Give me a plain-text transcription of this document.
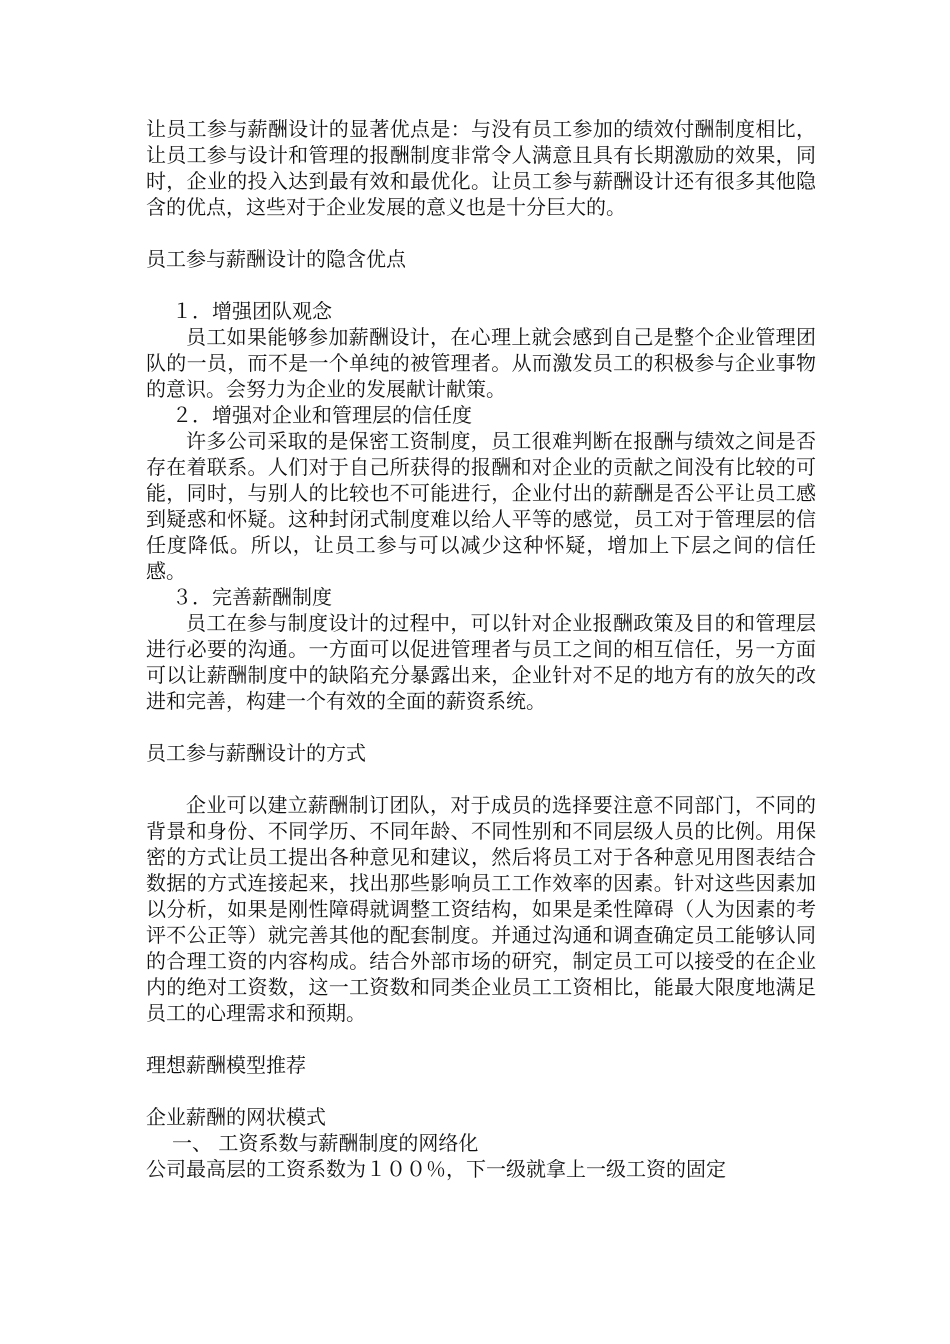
让员工参与薪酬设计的显著优点是：与没有员工参加的绩效付酬制度相比，让员工参与设计和管理的报酬制度非常令人满意且具有长期激励的效果，同时，企业的投入达到最有效和最优化。让员工参与薪酬设计还有很多其他隐含的优点，这些对于企业发展的意义也是十分巨大的。

员工参与薪酬设计的隐含优点

１．增强团队观念

员工如果能够参加薪酬设计，在心理上就会感到自己是整个企业管理团队的一员，而不是一个单纯的被管理者。从而激发员工的积极参与企业事物的意识。会努力为企业的发展献计献策。

２．增强对企业和管理层的信任度

许多公司采取的是保密工资制度，员工很难判断在报酬与绩效之间是否存在着联系。人们对于自己所获得的报酬和对企业的贡献之间没有比较的可能，同时，与别人的比较也不可能进行，企业付出的薪酬是否公平让员工感到疑惑和怀疑。这种封闭式制度难以给人平等的感觉，员工对于管理层的信任度降低。所以，让员工参与可以减少这种怀疑，增加上下层之间的信任感。

３．完善薪酬制度

员工在参与制度设计的过程中，可以针对企业报酬政策及目的和管理层进行必要的沟通。一方面可以促进管理者与员工之间的相互信任，另一方面可以让薪酬制度中的缺陷充分暴露出来，企业针对不足的地方有的放矢的改进和完善，构建一个有效的全面的薪资系统。

员工参与薪酬设计的方式

企业可以建立薪酬制订团队，对于成员的选择要注意不同部门，不同的背景和身份、不同学历、不同年龄、不同性别和不同层级人员的比例。用保密的方式让员工提出各种意见和建议，然后将员工对于各种意见用图表结合数据的方式连接起来，找出那些影响员工工作效率的因素。针对这些因素加以分析，如果是刚性障碍就调整工资结构，如果是柔性障碍（人为因素的考评不公正等）就完善其他的配套制度。并通过沟通和调查确定员工能够认同的合理工资的内容构成。结合外部市场的研究，制定员工可以接受的在企业内的绝对工资数，这一工资数和同类企业员工工资相比，能最大限度地满足员工的心理需求和预期。

理想薪酬模型推荐

企业薪酬的网状模式

一、 工资系数与薪酬制度的网络化

公司最高层的工资系数为１００％，下一级就拿上一级工资的固定
